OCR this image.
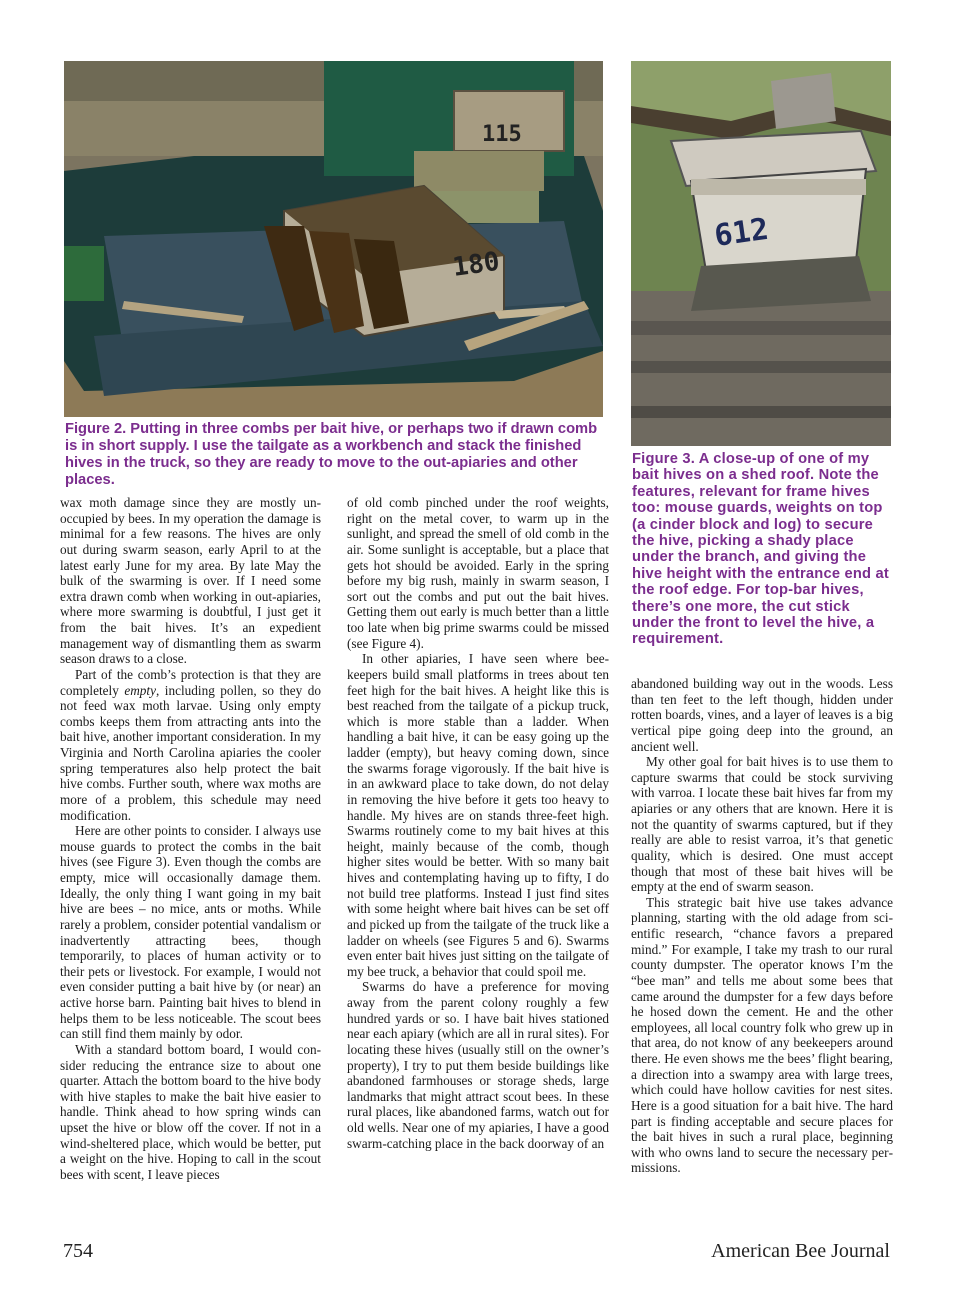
115
180
612

Figure 2. Putting in three combs per bait hive, or perhaps two if drawn comb is in short supply. I use the tailgate as a workbench and stack the finished hives in the truck, so they are ready to move to the out-apiaries and other places.

Figure 3. A close-up of one of my bait hives on a shed roof. Note the features, relevant for frame hives too: mouse guards, weights on top (a cinder block and log) to secure the hive, picking a shady place under the branch, and giving the hive height with the entrance end at the roof edge. For top-bar hives, there’s one more, the cut stick under the front to level the hive, a requirement.

wax moth damage since they are mostly unoccupied by bees. In my operation the damage is minimal for a few reasons. The hives are only out during swarm season, early April to at the latest early June for my area. By late May the bulk of the swarming is over. If I need some extra drawn comb when working in out-apiaries, where more swarming is doubtful, I just get it from the bait hives. It’s an expedient management way of dismantling them as swarm season draws to a close.

Part of the comb’s protection is that they are completely empty, including pollen, so they do not feed wax moth larvae. Using only empty combs keeps them from attracting ants into the bait hive, another important consideration. In my Virginia and North Carolina apiaries the cooler spring temperatures also help protect the bait hive combs. Further south, where wax moths are more of a problem, this schedule may need modification.

Here are other points to consider. I always use mouse guards to protect the combs in the bait hives (see Figure 3). Even though the combs are empty, mice will occasionally damage them. Ideally, the only thing I want going in my bait hive are bees – no mice, ants or moths. While rarely a problem, consider potential vandalism or inadvertently attracting bees, though temporarily, to places of human activity or to their pets or livestock. For example, I would not even consider putting a bait hive by (or near) an active horse barn. Painting bait hives to blend in helps them to be less noticeable. The scout bees can still find them mainly by odor.

With a standard bottom board, I would consider reducing the entrance size to about one quarter. Attach the bottom board to the hive body with hive staples to make the bait hive easier to handle. Think ahead to how spring winds can upset the hive or blow off the cover. If not in a wind-sheltered place, which would be better, put a weight on the hive. Hoping to call in the scout bees with scent, I leave pieces

of old comb pinched under the roof weights, right on the metal cover, to warm up in the sunlight, and spread the smell of old comb in the air. Some sunlight is acceptable, but a place that gets hot should be avoided. Early in the spring before my big rush, mainly in swarm season, I sort out the combs and put out the bait hives. Getting them out early is much better than a little too late when big prime swarms could be missed (see Figure 4).

In other apiaries, I have seen where beekeepers build small platforms in trees about ten feet high for the bait hives. A height like this is best reached from the tailgate of a pickup truck, which is more stable than a ladder. When handling a bait hive, it can be easy going up the ladder (empty), but heavy coming down, since the swarms forage vigorously. If the bait hive is in an awkward place to take down, do not delay in removing the hive before it gets too heavy to handle. My hives are on stands three-feet high. Swarms routinely come to my bait hives at this height, mainly because of the comb, though higher sites would be better. With so many bait hives and contemplating having up to fifty, I do not build tree platforms. Instead I just find sites with some height where bait hives can be set off and picked up from the tailgate of the truck like a ladder on wheels (see Figures 5 and 6). Swarms even enter bait hives just sitting on the tailgate of my bee truck, a behavior that could spoil me.

Swarms do have a preference for moving away from the parent colony roughly a few hundred yards or so. I have bait hives stationed near each apiary (which are all in rural sites). For locating these hives (usually still on the owner’s property), I try to put them beside buildings like abandoned farmhouses or storage sheds, large landmarks that might attract scout bees. In these rural places, like abandoned farms, watch out for old wells. Near one of my apiaries, I have a good swarm-catching place in the back doorway of an

abandoned building way out in the woods. Less than ten feet to the left though, hidden under rotten boards, vines, and a layer of leaves is a big vertical pipe going deep into the ground, an ancient well.

My other goal for bait hives is to use them to capture swarms that could be stock surviving with varroa. I locate these bait hives far from my apiaries or any others that are known. Here it is not the quantity of swarms captured, but if they really are able to resist varroa, it’s that genetic quality, which is desired. One must accept though that most of these bait hives will be empty at the end of swarm season.

This strategic bait hive use takes advance planning, starting with the old adage from scientific research, “chance favors a prepared mind.” For example, I take my trash to our rural county dumpster. The operator knows I’m the “bee man” and tells me about some bees that came around the dumpster for a few days before he hosed down the cement. He and the other employees, all local country folk who grew up in that area, do not know of any beekeepers around there. He even shows me the bees’ flight bearing, a direction into a swampy area with large trees, which could have hollow cavities for nest sites. Here is a good situation for a bait hive. The hard part is finding acceptable and secure places for the bait hives in such a rural place, beginning with who owns land to secure the necessary permissions.

754	American Bee Journal
